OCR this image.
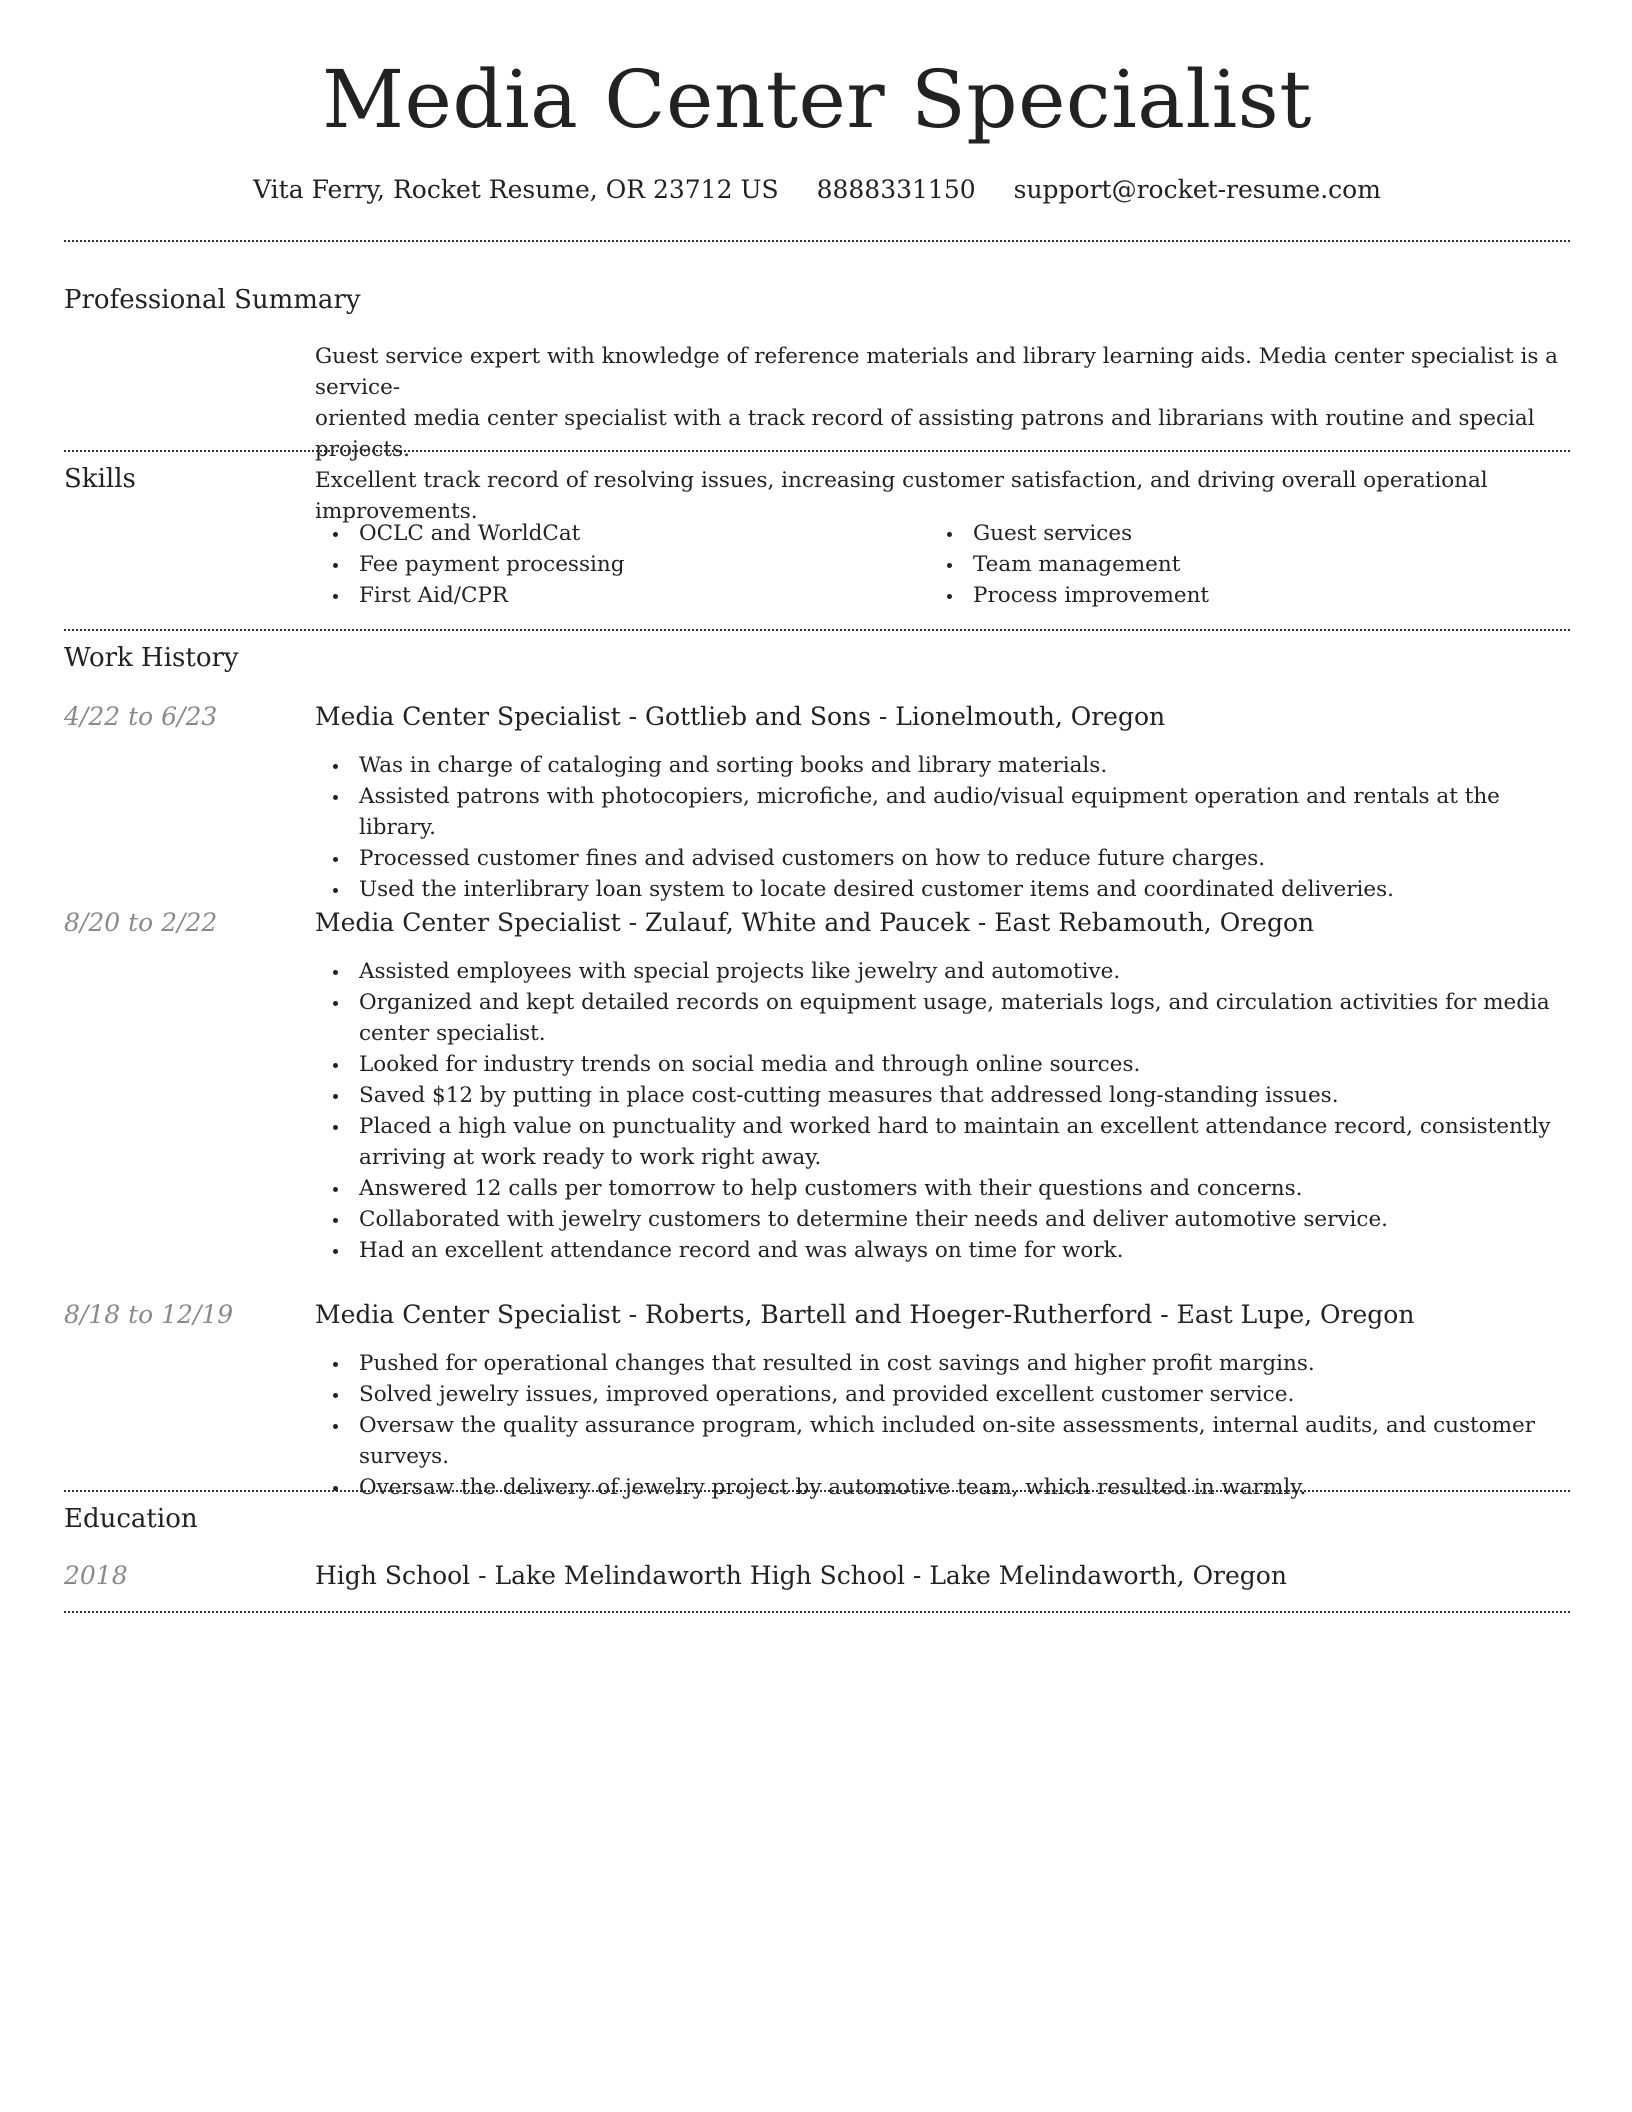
Media Center Specialist
Vita Ferry, Rocket Resume, OR 23712 US 8888331150 support@rocket-resume.com
Professional Summary
Guest service expert with knowledge of reference materials and library learning aids. Media center specialist is a service-
oriented media center specialist with a track record of assisting patrons and librarians with routine and special projects.
Excellent track record of resolving issues, increasing customer satisfaction, and driving overall operational improvements.
Skills
OCLC and WorldCat
Fee payment processing
First Aid/CPR
Guest services
Team management
Process improvement
Work History
4/22 to 6/23	Media Center Specialist - Gottlieb and Sons - Lionelmouth, Oregon
Was in charge of cataloging and sorting books and library materials.
Assisted patrons with photocopiers, microfiche, and audio/visual equipment operation and rentals at the library.
Processed customer fines and advised customers on how to reduce future charges.
Used the interlibrary loan system to locate desired customer items and coordinated deliveries.
8/20 to 2/22	Media Center Specialist - Zulauf, White and Paucek - East Rebamouth, Oregon
Assisted employees with special projects like jewelry and automotive.
Organized and kept detailed records on equipment usage, materials logs, and circulation activities for media center specialist.
Looked for industry trends on social media and through online sources.
Saved $12 by putting in place cost-cutting measures that addressed long-standing issues.
Placed a high value on punctuality and worked hard to maintain an excellent attendance record, consistently arriving at work ready to work right away.
Answered 12 calls per tomorrow to help customers with their questions and concerns.
Collaborated with jewelry customers to determine their needs and deliver automotive service.
Had an excellent attendance record and was always on time for work.
8/18 to 12/19	Media Center Specialist - Roberts, Bartell and Hoeger-Rutherford - East Lupe, Oregon
Pushed for operational changes that resulted in cost savings and higher profit margins.
Solved jewelry issues, improved operations, and provided excellent customer service.
Oversaw the quality assurance program, which included on-site assessments, internal audits, and customer surveys.
Oversaw the delivery of jewelry project by automotive team, which resulted in warmly.
Education
2018	High School - Lake Melindaworth High School - Lake Melindaworth, Oregon
